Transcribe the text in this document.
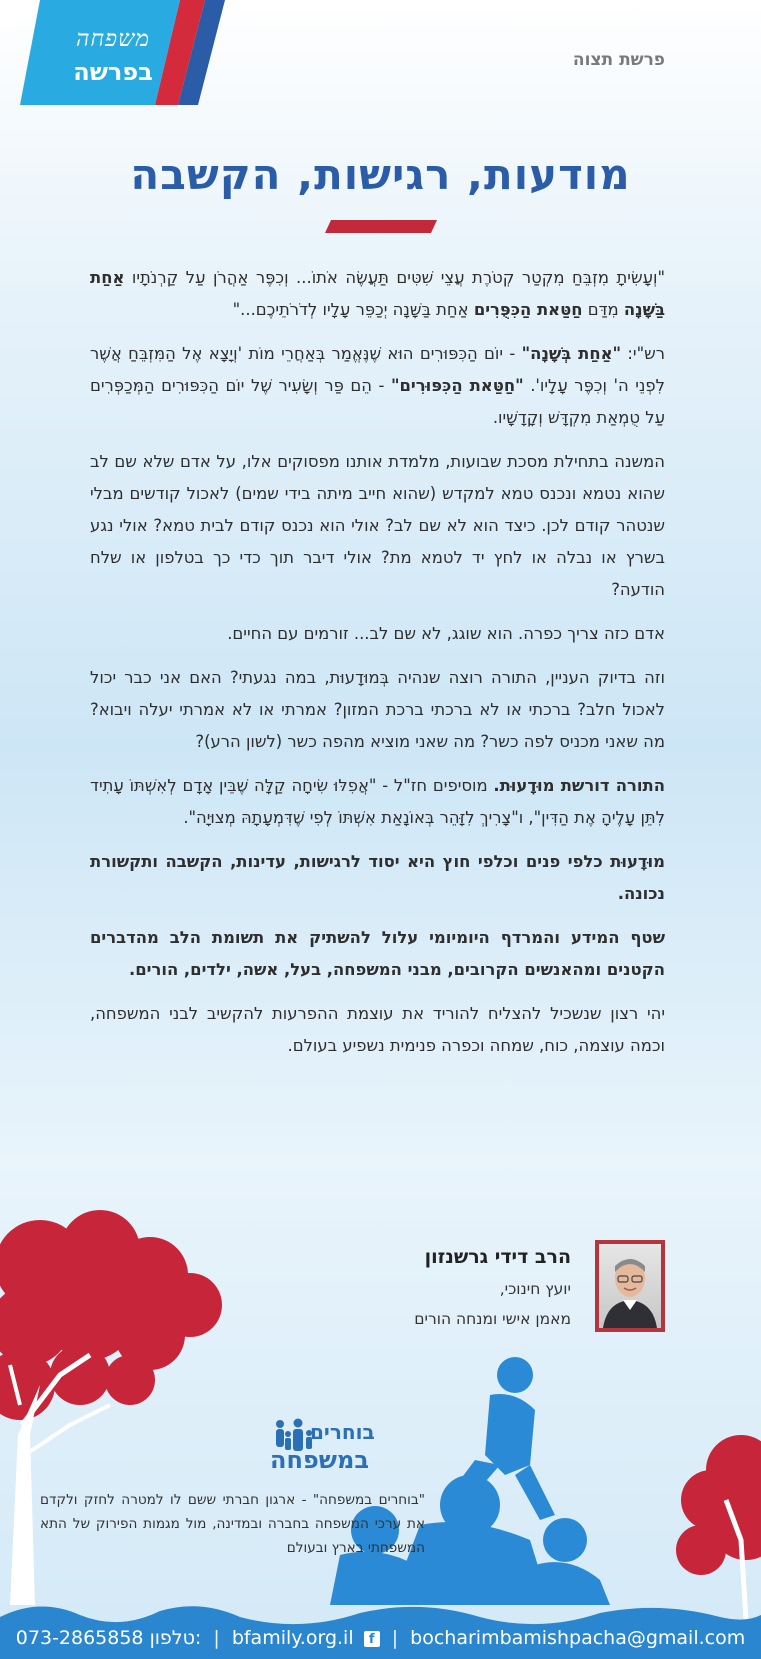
משפחה
בפרשה	פרשת תצוה
מודעות, רגישות, הקשבה

"וְעָשִׂיתָ מִזְבֵּחַ מִקְטַר קְטֹרֶת עֲצֵי שִׁטִּים תַּעֲשֶׂה אֹתוֹ... וְכִפֶּר אַהֲרֹן עַל קַרְנֹתָיו אַחַת בַּשָּׁנָה מִדַּם חַטַּאת הַכִּפֻּרִים אַחַת בַּשָּׁנָה יְכַפֵּר עָלָיו לְדֹרֹתֵיכֶם..."

רש"י: "אַחַת בְּשָׁנָה" - יוֹם הַכִּפּוּרִים הוּא שֶׁנֶּאֱמַר בְּאַחֲרֵי מוֹת 'וְיָצָא אֶל הַמִּזְבֵּחַ אֲשֶׁר לִפְנֵי ה' וְכִפֶּר עָלָיו'. "חַטַּאת הַכִּפּוּרִים" - הֵם פַּר וְשָׂעִיר שֶׁל יוֹם הַכִּפּוּרִים הַמְּכַפְּרִים עַל טֻמְאַת מִקְדָּשׁ וְקָדָשָׁיו.

המשנה בתחילת מסכת שבועות, מלמדת אותנו מפסוקים אלו, על אדם שלא שם לב שהוא נטמא ונכנס טמא למקדש (שהוא חייב מיתה בידי שמים) לאכול קודשים מבלי שנטהר קודם לכן. כיצד הוא לא שם לב? אולי הוא נכנס קודם לבית טמא? אולי נגע בשרץ או נבלה או לחץ יד לטמא מת? אולי דיבר תוך כדי כך בטלפון או שלח הודעה?

אדם כזה צריך כפרה. הוא שוגג, לא שם לב... זורמים עם החיים.

וזה בדיוק העניין, התורה רוצה שנהיה בְּמוּדָעוּת, במה נגעתי? האם אני כבר יכול לאכול חלב? ברכתי או לא ברכתי ברכת המזון? אמרתי או לא אמרתי יעלה ויבוא? מה שאני מכניס לפה כשר? מה שאני מוציא מהפה כשר (לשון הרע)?

התורה דורשת מוּדָעוּת. מוסיפים חז"ל - "אֲפִלּוּ שִׂיחָה קַלָּה שֶׁבֵּין אָדָם לְאִשְׁתּוֹ עָתִיד לִתֵּן עָלֶיהָ אֶת הַדִּין", ו"צָרִיךְ לִזָּהֵר בְּאוֹנָאַת אִשְׁתּוֹ לְפִי שֶׁדִּמְעָתָהּ מְצוּיָה".

מוּדָעוּת כלפי פנים וכלפי חוץ היא יסוד לרגישות, עדינות, הקשבה ותקשורת נכונה.

שטף המידע והמרדף היומיומי עלול להשתיק את תשומת הלב מהדברים הקטנים ומהאנשים הקרובים, מבני המשפחה, בעל, אשה, ילדים, הורים.

יהי רצון שנשכיל להצליח להוריד את עוצמת ההפרעות להקשיב לבני המשפחה, וכמה עוצמה, כוח, שמחה וכפרה פנימית נשפיע בעולם.

הרב דידי גרשנזון
יועץ חינוכי,
מאמן אישי ומנחה הורים
בוחרים
במשפחה
"בוחרים במשפחה" - ארגון חברתי ששם לו למטרה לחזק ולקדם את ערכי המשפחה בחברה ובמדינה, מול מגמות הפירוק של התא המשפחתי בארץ ובעולם
073-2865858 טלפון: | bfamily.org.il f | bocharimbamishpacha@gmail.com
